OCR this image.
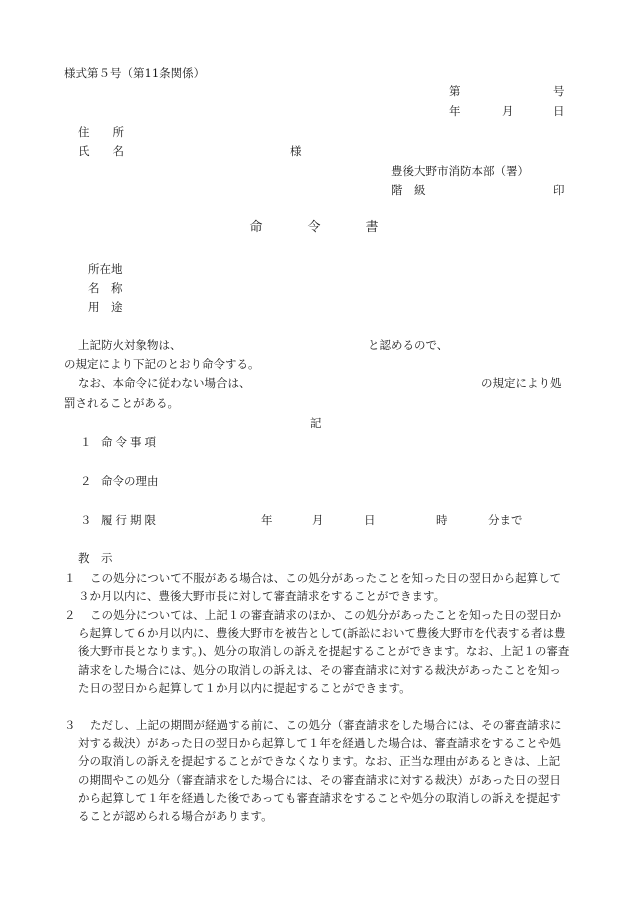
様式第５号（第11条関係）
第	号
年	月	日
住　　所
氏　　名	様
豊後大野市消防本部（署）
階　級	印
命	令	書
所在地
名　称
用　途
上記防火対象物は、	と認めるので、
の規定により下記のとおり命令する。
なお、本命令に従わない場合は、	の規定により処
罰されることがある。
記
１ 命令事項
２ 命令の理由
３ 履行期限	年	月	日	時	分まで
教　示
１	この処分について不服がある場合は、この処分があったことを知った日の翌日から起算して３か月以内に、豊後大野市長に対して審査請求をすることができます。
２	この処分については、上記１の審査請求のほか、この処分があったことを知った日の翌日から起算して６か月以内に、豊後大野市を被告として(訴訟において豊後大野市を代表する者は豊後大野市長となります。)、処分の取消しの訴えを提起することができます。なお、上記１の審査請求をした場合には、処分の取消しの訴えは、その審査請求に対する裁決があったことを知った日の翌日から起算して１か月以内に提起することができます。
３	ただし、上記の期間が経過する前に、この処分（審査請求をした場合には、その審査請求に対する裁決）があった日の翌日から起算して１年を経過した場合は、審査請求をすることや処分の取消しの訴えを提起することができなくなります。なお、正当な理由があるときは、上記の期間やこの処分（審査請求をした場合には、その審査請求に対する裁決）があった日の翌日から起算して１年を経過した後であっても審査請求をすることや処分の取消しの訴えを提起することが認められる場合があります。
